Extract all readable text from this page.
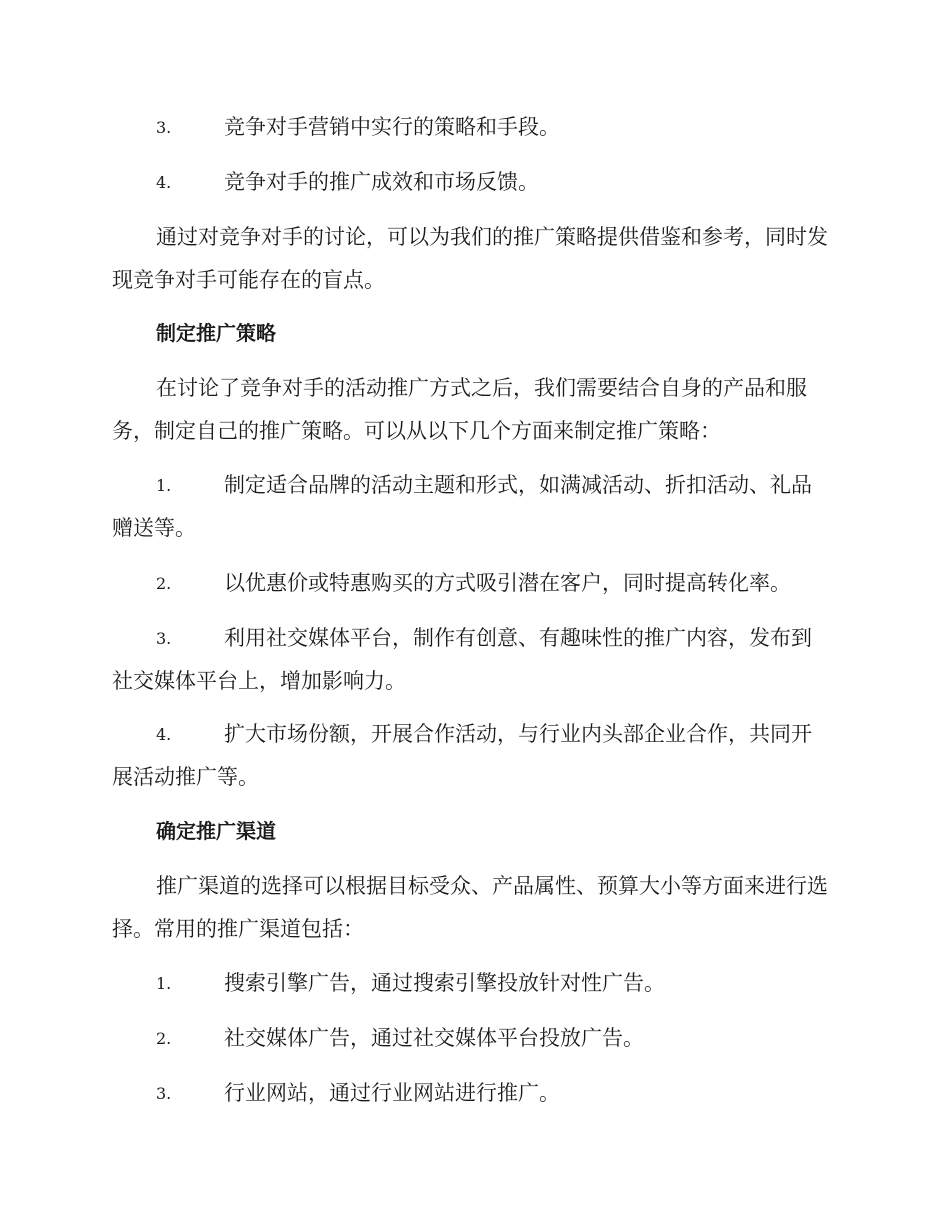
3.	竞争对手营销中实行的策略和手段。

4.	竞争对手的推广成效和市场反馈。

通过对竞争对手的讨论，可以为我们的推广策略提供借鉴和参考，同时发现竞争对手可能存在的盲点。

制定推广策略

在讨论了竞争对手的活动推广方式之后，我们需要结合自身的产品和服务，制定自己的推广策略。可以从以下几个方面来制定推广策略：

1.	制定适合品牌的活动主题和形式，如满减活动、折扣活动、礼品赠送等。

2.	以优惠价或特惠购买的方式吸引潜在客户，同时提高转化率。

3.	利用社交媒体平台，制作有创意、有趣味性的推广内容，发布到社交媒体平台上，增加影响力。

4.	扩大市场份额，开展合作活动，与行业内头部企业合作，共同开展活动推广等。

确定推广渠道

推广渠道的选择可以根据目标受众、产品属性、预算大小等方面来进行选择。常用的推广渠道包括：

1.	搜索引擎广告，通过搜索引擎投放针对性广告。

2.	社交媒体广告，通过社交媒体平台投放广告。

3.	行业网站，通过行业网站进行推广。
